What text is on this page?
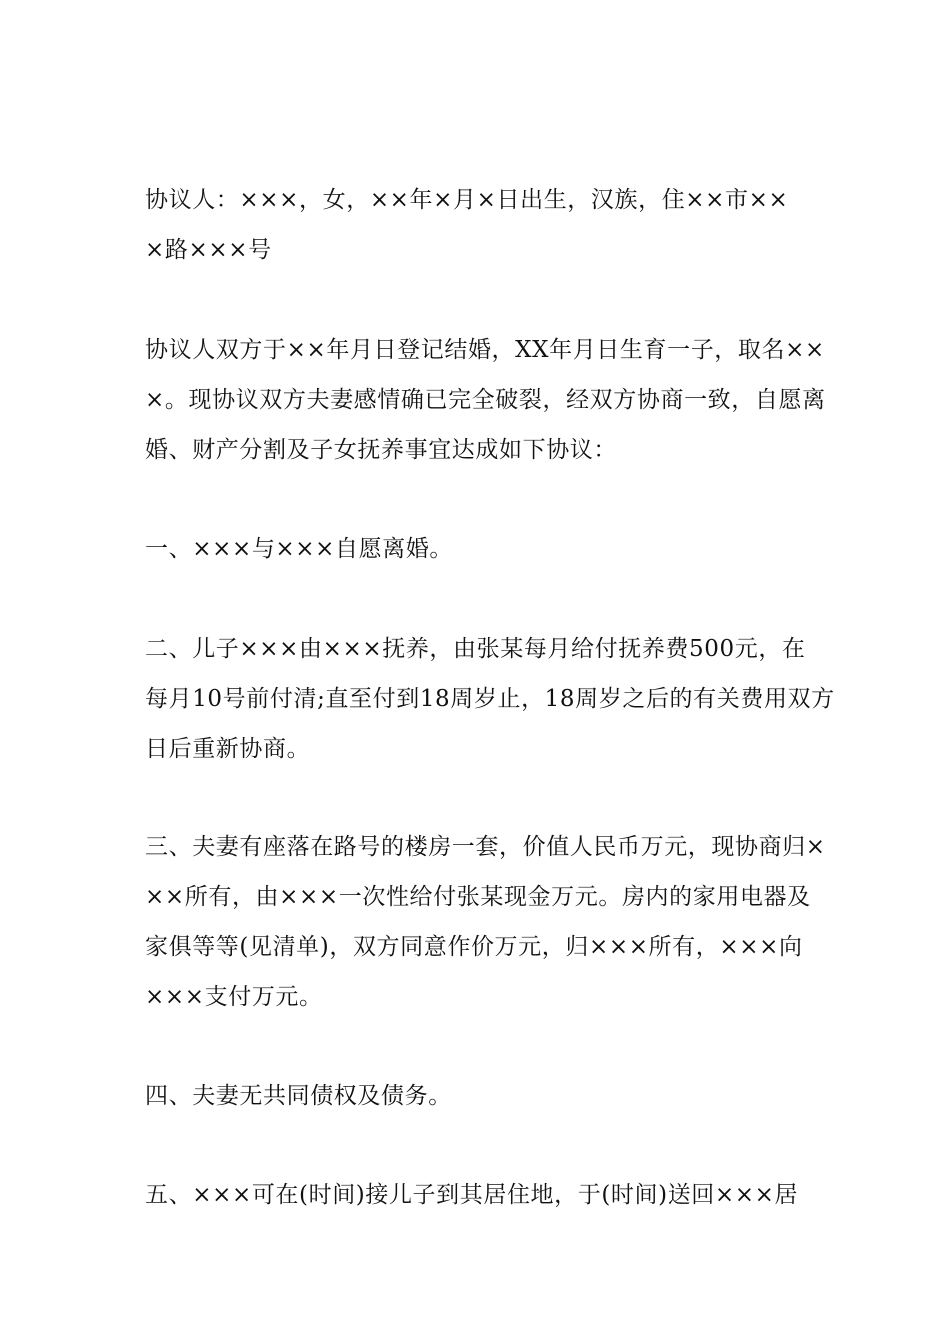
协议人：×××，女，××年×月×日出生，汉族，住××市××
×路×××号
协议人双方于××年月日登记结婚，XX年月日生育一子，取名××
×。现协议双方夫妻感情确已完全破裂，经双方协商一致，自愿离
婚、财产分割及子女抚养事宜达成如下协议：
一、×××与×××自愿离婚。
二、儿子×××由×××抚养，由张某每月给付抚养费500元，在
每月10号前付清;直至付到18周岁止，18周岁之后的有关费用双方
日后重新协商。
三、夫妻有座落在路号的楼房一套，价值人民币万元，现协商归×
××所有，由×××一次性给付张某现金万元。房内的家用电器及
家俱等等(见清单)，双方同意作价万元，归×××所有，×××向
×××支付万元。
四、夫妻无共同债权及债务。
五、×××可在(时间)接儿子到其居住地，于(时间)送回×××居
